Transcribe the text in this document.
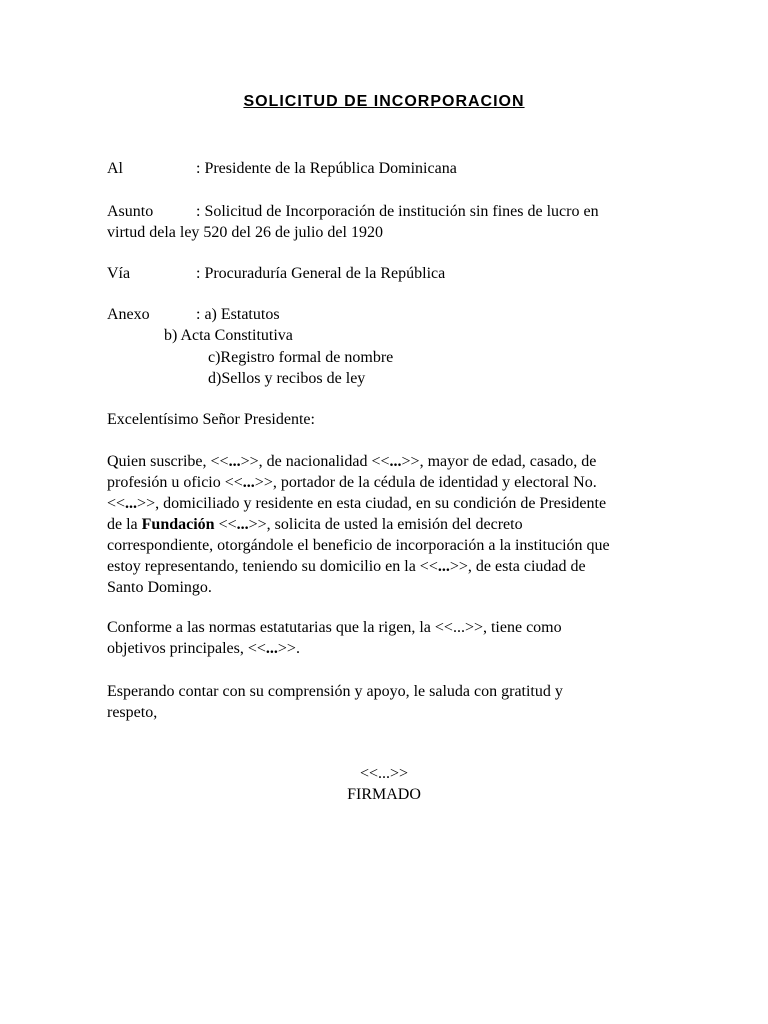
SOLICITUD DE INCORPORACION
Al	: Presidente de la República Dominicana
Asunto	: Solicitud de Incorporación de institución sin fines de lucro en
virtud dela ley 520 del 26 de julio del 1920
Vía	: Procuraduría General de la República
Anexo	: a) Estatutos
b) Acta Constitutiva
c)Registro formal de nombre
d)Sellos y recibos de ley
Excelentísimo Señor Presidente:
Quien suscribe, <<...>>, de nacionalidad <<...>>, mayor de edad, casado, de
profesión u oficio <<...>>, portador de la cédula de identidad y electoral No.
<<...>>, domiciliado y residente en esta ciudad, en su condición de Presidente
de la Fundación <<...>>, solicita de usted la emisión del decreto
correspondiente, otorgándole el beneficio de incorporación a la institución que
estoy representando, teniendo su domicilio en la <<...>>, de esta ciudad de
Santo Domingo.
Conforme a las normas estatutarias que la rigen, la <<...>>, tiene como
objetivos principales, <<...>>.
Esperando contar con su comprensión y apoyo, le saluda con gratitud y
respeto,
<<...>>
FIRMADO
